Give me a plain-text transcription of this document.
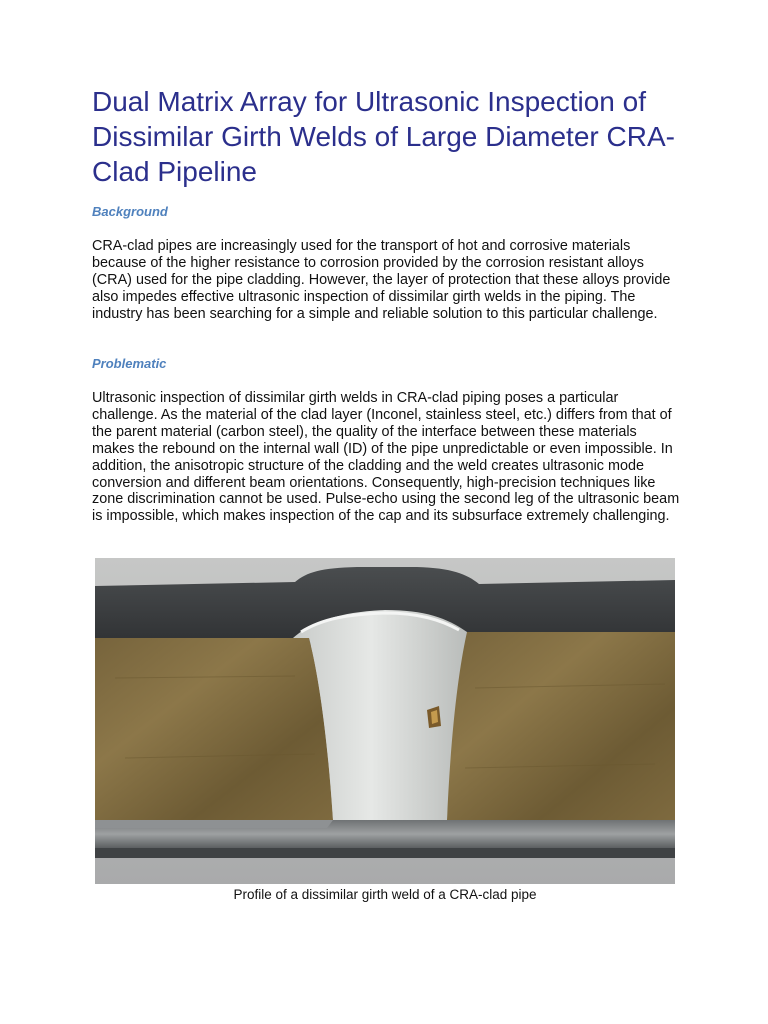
Dual Matrix Array for Ultrasonic Inspection of Dissimilar Girth Welds of Large Diameter CRA-Clad Pipeline
Background

CRA-clad pipes are increasingly used for the transport of hot and corrosive materials because of the higher resistance to corrosion provided by the corrosion resistant alloys (CRA) used for the pipe cladding. However, the layer of protection that these alloys provide also impedes effective ultrasonic inspection of dissimilar girth welds in the piping. The industry has been searching for a simple and reliable solution to this particular challenge.

Problematic

Ultrasonic inspection of dissimilar girth welds in CRA-clad piping poses a particular challenge. As the material of the clad layer (Inconel, stainless steel, etc.) differs from that of the parent material (carbon steel), the quality of the interface between these materials makes the rebound on the internal wall (ID) of the pipe unpredictable or even impossible. In addition, the anisotropic structure of the cladding and the weld creates ultrasonic mode conversion and different beam orientations. Consequently, high-precision techniques like zone discrimination cannot be used. Pulse-echo using the second leg of the ultrasonic beam is impossible, which makes inspection of the cap and its subsurface extremely challenging.

Profile of a dissimilar girth weld of a CRA-clad pipe
